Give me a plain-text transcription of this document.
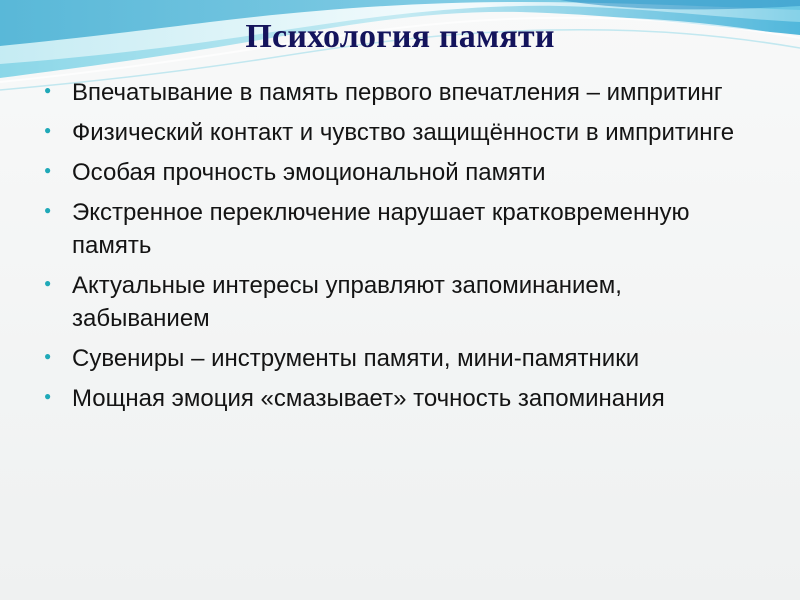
Психология памяти
● Впечатывание в память первого впечатления – импритинг
● Физический контакт и чувство защищённости в импритинге
● Особая прочность эмоциональной памяти
● Экстренное переключение нарушает кратковременную память
● Актуальные интересы управляют запоминанием, забыванием
● Сувениры – инструменты памяти, мини-памятники
● Мощная эмоция «смазывает» точность запоминания
